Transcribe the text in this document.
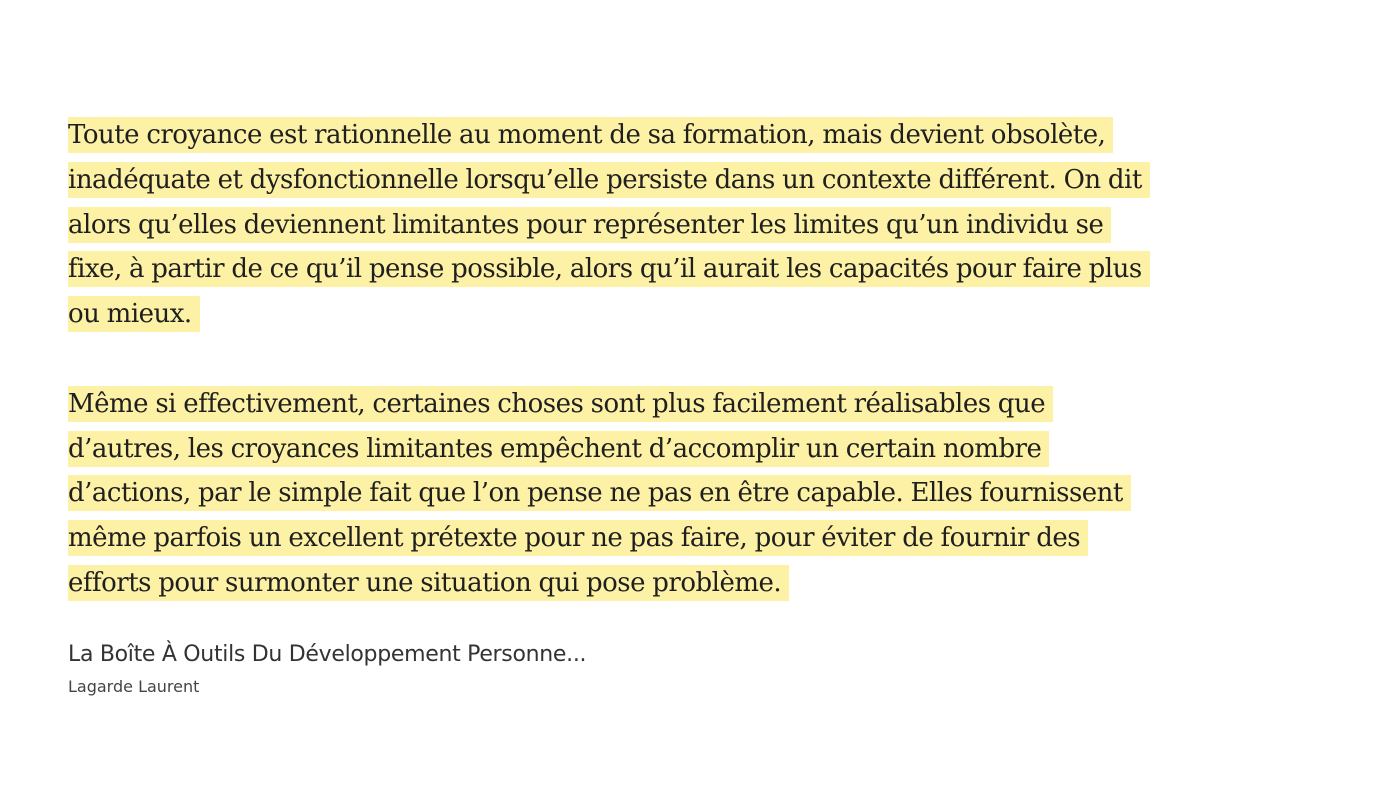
Toute croyance est rationnelle au moment de sa formation, mais devient obsolète,
inadéquate et dysfonctionnelle lorsqu’elle persiste dans un contexte différent. On dit
alors qu’elles deviennent limitantes pour représenter les limites qu’un individu se
fixe, à partir de ce qu’il pense possible, alors qu’il aurait les capacités pour faire plus
ou mieux.

Même si effectivement, certaines choses sont plus facilement réalisables que
d’autres, les croyances limitantes empêchent d’accomplir un certain nombre
d’actions, par le simple fait que l’on pense ne pas en être capable. Elles fournissent
même parfois un excellent prétexte pour ne pas faire, pour éviter de fournir des
efforts pour surmonter une situation qui pose problème.

La Boîte À Outils Du Développement Personne...
Lagarde Laurent
